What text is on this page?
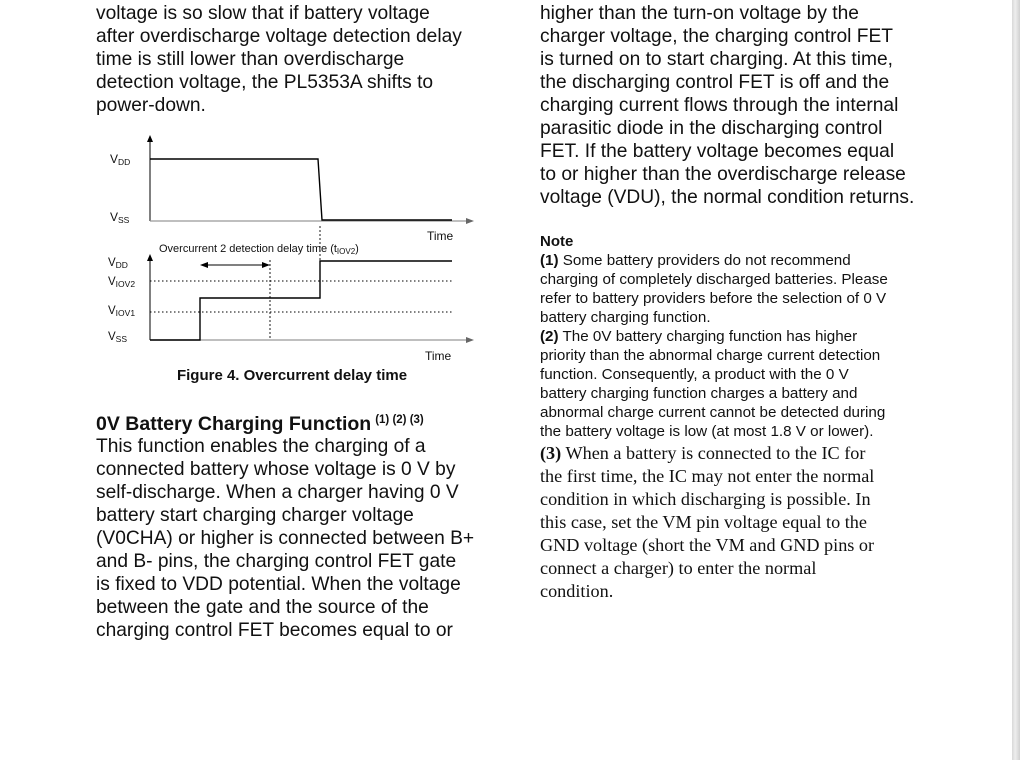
voltage is so slow that if battery voltage
after overdischarge voltage detection delay
time is still lower than overdischarge
detection voltage, the PL5353A shifts to
power-down.

VDD
VSS
Time
Overcurrent 2 detection delay time (tIOV2)
VDD
VIOV2
VIOV1
VSS
Time

Figure 4. Overcurrent delay time

0V Battery Charging Function $^{(1) (2) (3)}$

This function enables the charging of a
connected battery whose voltage is 0 V by
self-discharge. When a charger having 0 V
battery start charging charger voltage
(V0CHA) or higher is connected between B+
and B- pins, the charging control FET gate
is fixed to VDD potential. When the voltage
between the gate and the source of the
charging control FET becomes equal to or

higher than the turn-on voltage by the
charger voltage, the charging control FET
is turned on to start charging. At this time,
the discharging control FET is off and the
charging current flows through the internal
parasitic diode in the discharging control
FET. If the battery voltage becomes equal
to or higher than the overdischarge release
voltage (VDU), the normal condition returns.

Note

(1) Some battery providers do not recommend
charging of completely discharged batteries. Please
refer to battery providers before the selection of 0 V
battery charging function.

(2) The 0V battery charging function has higher
priority than the abnormal charge current detection
function. Consequently, a product with the 0 V
battery charging function charges a battery and
abnormal charge current cannot be detected during
the battery voltage is low (at most 1.8 V or lower).

(3) When a battery is connected to the IC for
the first time, the IC may not enter the normal
condition in which discharging is possible. In
this case, set the VM pin voltage equal to the
GND voltage (short the VM and GND pins or
connect a charger) to enter the normal
condition.
